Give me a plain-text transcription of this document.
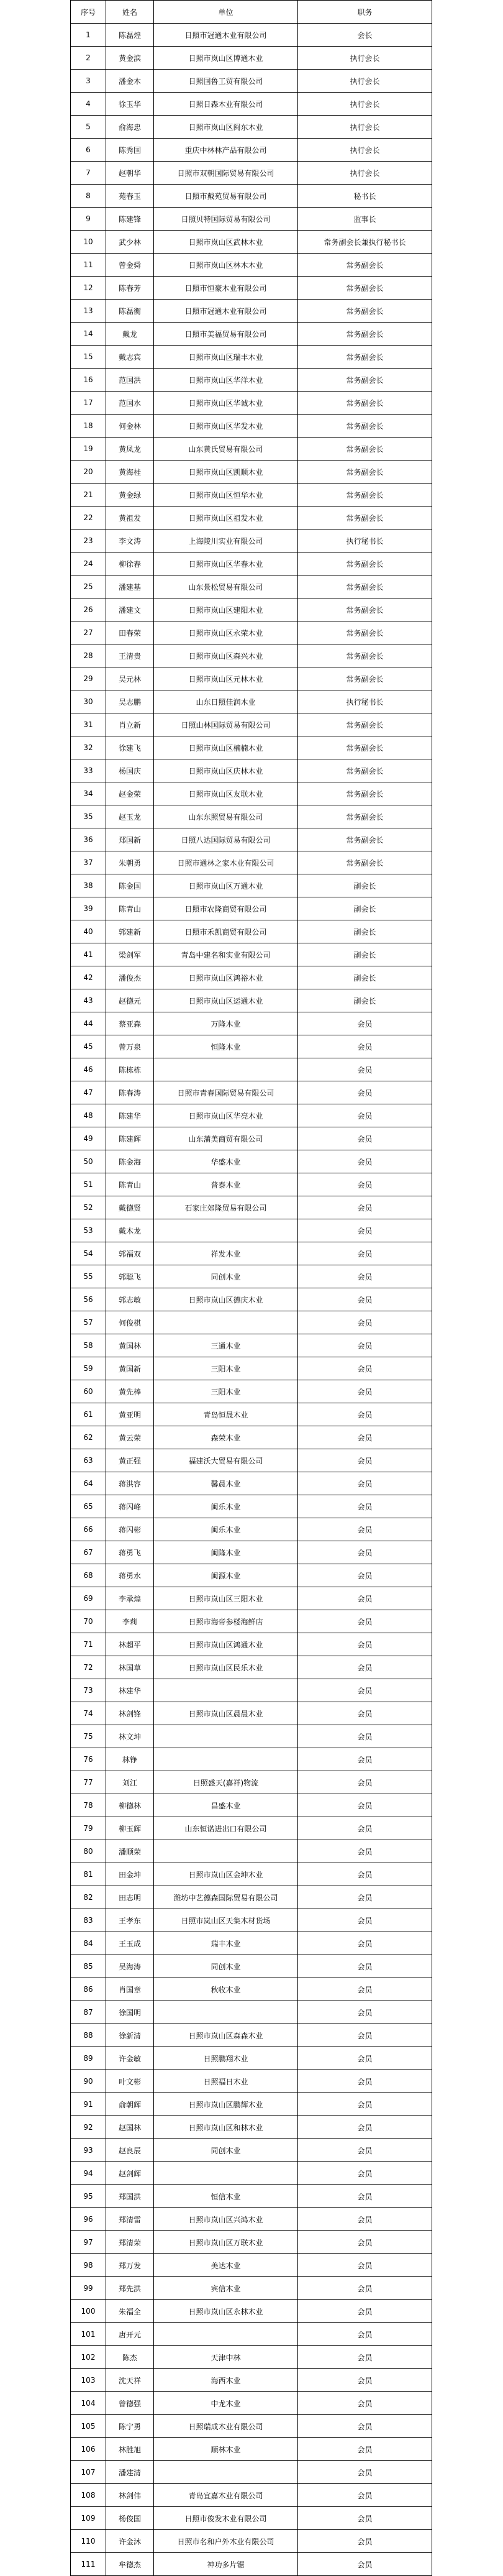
序号	姓名	单位	职务
1	陈磊煌	日照市冠通木业有限公司	会长
2	黄金滨	日照市岚山区博通木业	执行会长
3	潘金木	日照国鲁工贸有限公司	执行会长
4	徐玉华	日照日森木业有限公司	执行会长
5	俞海忠	日照市岚山区闽东木业	执行会长
6	陈秀国	重庆中林林产品有限公司	执行会长
7	赵朝华	日照市双朝国际贸易有限公司	执行会长
8	苑春玉	日照市戴苑贸易有限公司	秘书长
9	陈建锋	日照贝特国际贸易有限公司	监事长
10	武少林	日照市岚山区武林木业	常务副会长兼执行秘书长
11	曾金舜	日照市岚山区林木木业	常务副会长
12	陈春芳	日照市恒豪木业有限公司	常务副会长
13	陈磊衡	日照市冠通木业有限公司	常务副会长
14	戴龙	日照市美福贸易有限公司	常务副会长
15	戴志宾	日照市岚山区瑞丰木业	常务副会长
16	范国洪	日照市岚山区华洋木业	常务副会长
17	范国水	日照市岚山区华诚木业	常务副会长
18	何金林	日照市岚山区华发木业	常务副会长
19	黄凤龙	山东黄氏贸易有限公司	常务副会长
20	黄海桂	日照市岚山区凯顺木业	常务副会长
21	黄金绿	日照市岚山区恒华木业	常务副会长
22	黄祖发	日照市岚山区祖发木业	常务副会长
23	李文涛	上海陵川实业有限公司	执行秘书长
24	柳徐春	日照市岚山区华春木业	常务副会长
25	潘建基	山东景松贸易有限公司	常务副会长
26	潘建文	日照市岚山区建阳木业	常务副会长
27	田春荣	日照市岚山区永荣木业	常务副会长
28	王清贵	日照市岚山区森兴木业	常务副会长
29	吴元林	日照市岚山区元林木业	常务副会长
30	吴志鹏	山东日照佳润木业	执行秘书长
31	肖立新	日照山林国际贸易有限公司	常务副会长
32	徐建飞	日照市岚山区楠楠木业	常务副会长
33	杨国庆	日照市岚山区庆林木业	常务副会长
34	赵金荣	日照市岚山区友联木业	常务副会长
35	赵玉龙	山东东照贸易有限公司	常务副会长
36	郑国新	日照八达国际贸易有限公司	常务副会长
37	朱朝勇	日照市通林之家木业有限公司	常务副会长
38	陈金国	日照市岚山区万通木业	副会长
39	陈青山	日照市农隆商贸有限公司	副会长
40	郭建新	日照市禾凯商贸有限公司	副会长
41	梁剑军	青岛中建名和实业有限公司	副会长
42	潘俊杰	日照市岚山区鸿裕木业	副会长
43	赵德元	日照市岚山区运通木业	副会长
44	蔡亚森	万隆木业	会员
45	曾万泉	恒隆木业	会员
46	陈栋栋		会员
47	陈春涛	日照市青春国际贸易有限公司	会员
48	陈建华	日照市岚山区华亮木业	会员
49	陈建辉	山东蒲美商贸有限公司	会员
50	陈金海	华盛木业	会员
51	陈青山	普泰木业	会员
52	戴德贤	石家庄郊隆贸易有限公司	会员
53	戴木龙		会员
54	郭福双	祥发木业	会员
55	郭聪飞	同创木业	会员
56	郭志敏	日照市岚山区德庆木业	会员
57	何俊棋		会员
58	黄国林	三通木业	会员
59	黄国新	三阳木业	会员
60	黄先棒	三阳木业	会员
61	黄亚明	青岛恒晟木业	会员
62	黄云荣	森荣木业	会员
63	黄正强	福建沃大贸易有限公司	会员
64	蒋洪容	馨晨木业	会员
65	蒋闪峰	闽乐木业	会员
66	蒋闪彬	闽乐木业	会员
67	蒋勇飞	闽隆木业	会员
68	蒋勇水	闽源木业	会员
69	李承煌	日照市岚山区三阳木业	会员
70	李莉	日照市海帝参楼海鲜店	会员
71	林超平	日照市岚山区鸿通木业	会员
72	林国草	日照市岚山区民乐木业	会员
73	林建华		会员
74	林剑锋	日照市岚山区晨晨木业	会员
75	林文坤		会员
76	林铮		会员
77	刘江	日照盛天(嘉祥)物流	会员
78	柳德林	昌盛木业	会员
79	柳玉辉	山东恒诺进出口有限公司	会员
80	潘顺荣		会员
81	田金坤	日照市岚山区金坤木业	会员
82	田志明	潍坊中艺德森国际贸易有限公司	会员
83	王孝东	日照市岚山区天集木材货场	会员
84	王玉成	瑞丰木业	会员
85	吴海涛	同创木业	会员
86	肖国章	秋收木业	会员
87	徐国明		会员
88	徐新清	日照市岚山区森森木业	会员
89	许金敏	日照鹏翔木业	会员
90	叶文彬	日照福日木业	会员
91	俞朝辉	日照市岚山区鹏辉木业	会员
92	赵国林	日照市岚山区和林木业	会员
93	赵良辰	同创木业	会员
94	赵剑辉		会员
95	郑国洪	恒信木业	会员
96	郑清雷	日照市岚山区兴鸿木业	会员
97	郑清荣	日照市岚山区万联木业	会员
98	郑万发	美达木业	会员
99	郑先洪	宾信木业	会员
100	朱福全	日照市岚山区永林木业	会员
101	唐开元		会员
102	陈杰	天津中林	会员
103	沈天祥	海西木业	会员
104	曾德强	中龙木业	会员
105	陈宁勇	日照瑞成木业有限公司	会员
106	林胜旭	顺林木业	会员
107	潘建清		会员
108	林剑伟	青岛宜嘉木业有限公司	会员
109	杨俊国	日照市俊发木业有限公司	会员
110	许金沐	日照市名和户外木业有限公司	会员
111	牟德杰	神功多片锯	会员
